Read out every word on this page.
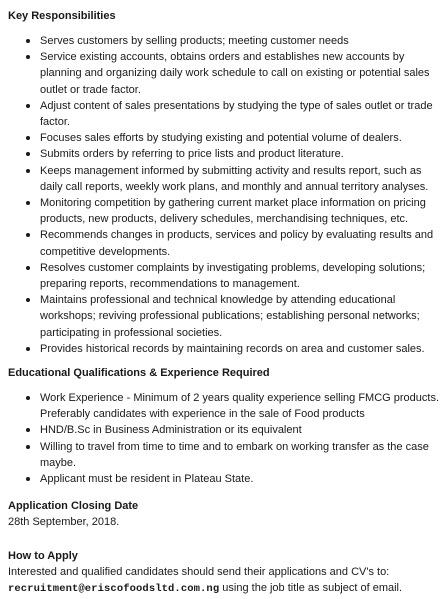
Key Responsibilities
Serves customers by selling products; meeting customer needs
Service existing accounts, obtains orders and establishes new accounts by planning and organizing daily work schedule to call on existing or potential sales outlet or trade factor.
Adjust content of sales presentations by studying the type of sales outlet or trade factor.
Focuses sales efforts by studying existing and potential volume of dealers.
Submits orders by referring to price lists and product literature.
Keeps management informed by submitting activity and results report, such as daily call reports, weekly work plans, and monthly and annual territory analyses.
Monitoring competition by gathering current market place information on pricing products, new products, delivery schedules, merchandising techniques, etc.
Recommends changes in products, services and policy by evaluating results and competitive developments.
Resolves customer complaints by investigating problems, developing solutions; preparing reports, recommendations to management.
Maintains professional and technical knowledge by attending educational workshops; reviving professional publications; establishing personal networks; participating in professional societies.
Provides historical records by maintaining records on area and customer sales.
Educational Qualifications & Experience Required
Work Experience - Minimum of 2 years quality experience selling FMCG products. Preferably candidates with experience in the sale of Food products
HND/B.Sc in Business Administration or its equivalent
Willing to travel from time to time and to embark on working transfer as the case maybe.
Applicant must be resident in Plateau State.
Application Closing Date

28th September, 2018.

How to Apply

Interested and qualified candidates should send their applications and CV's to:

recruitment@eriscofoodsltd.com.ng using the job title as subject of email.
